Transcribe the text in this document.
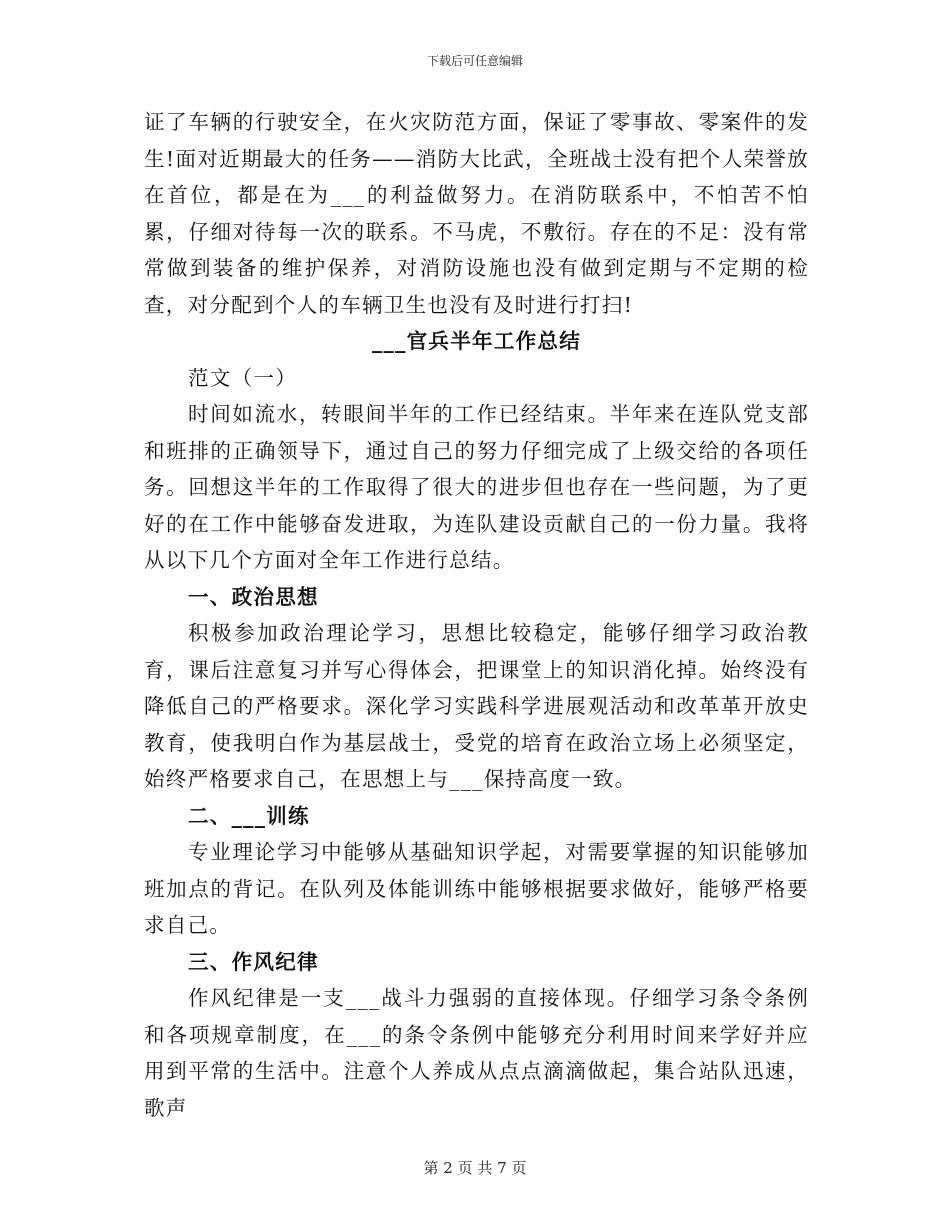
下载后可任意编辑

证了车辆的行驶安全，在火灾防范方面，保证了零事故、零案件的发生!面对近期最大的任务——消防大比武，全班战士没有把个人荣誉放在首位，都是在为___的利益做努力。在消防联系中，不怕苦不怕累，仔细对待每一次的联系。不马虎，不敷衍。存在的不足：没有常常做到装备的维护保养，对消防设施也没有做到定期与不定期的检查，对分配到个人的车辆卫生也没有及时进行打扫!

___官兵半年工作总结

范文（一）

时间如流水，转眼间半年的工作已经结束。半年来在连队党支部和班排的正确领导下，通过自己的努力仔细完成了上级交给的各项任务。回想这半年的工作取得了很大的进步但也存在一些问题，为了更好的在工作中能够奋发进取，为连队建设贡献自己的一份力量。我将从以下几个方面对全年工作进行总结。

一、政治思想

积极参加政治理论学习，思想比较稳定，能够仔细学习政治教育，课后注意复习并写心得体会，把课堂上的知识消化掉。始终没有降低自己的严格要求。深化学习实践科学进展观活动和改革革开放史教育，使我明白作为基层战士，受党的培育在政治立场上必须坚定，始终严格要求自己，在思想上与___保持高度一致。

二、___训练

专业理论学习中能够从基础知识学起，对需要掌握的知识能够加班加点的背记。在队列及体能训练中能够根据要求做好，能够严格要求自己。

三、作风纪律

作风纪律是一支___战斗力强弱的直接体现。仔细学习条令条例和各项规章制度，在___的条令条例中能够充分利用时间来学好并应用到平常的生活中。注意个人养成从点点滴滴做起，集合站队迅速，歌声

第 2 页 共 7 页
